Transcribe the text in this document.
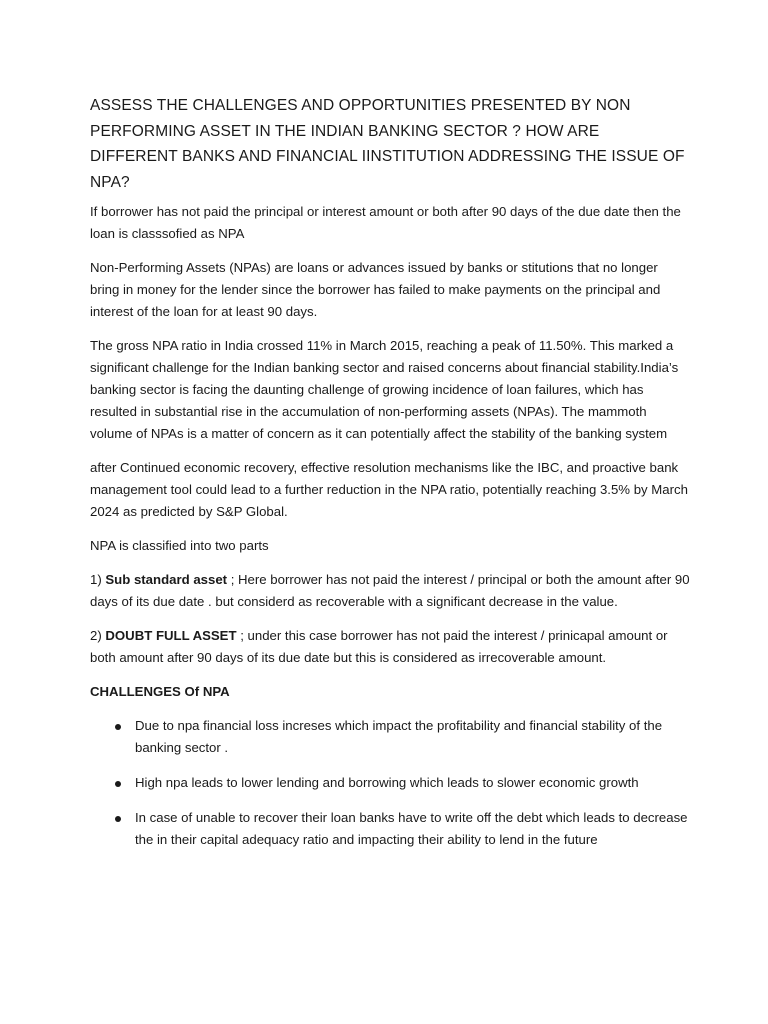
ASSESS THE CHALLENGES AND OPPORTUNITIES PRESENTED BY NON PERFORMING ASSET IN THE INDIAN BANKING SECTOR ? HOW ARE DIFFERENT BANKS AND FINANCIAL IINSTITUTION ADDRESSING THE ISSUE OF NPA?

If borrower has not paid the principal or interest amount or both after 90 days of the due date then the loan is classsofied as NPA

Non-Performing Assets (NPAs) are loans or advances issued by banks or stitutions that no longer bring in money for the lender since the borrower has failed to make payments on the principal and interest of the loan for at least 90 days.

The gross NPA ratio in India crossed 11% in March 2015, reaching a peak of 11.50%. This marked a significant challenge for the Indian banking sector and raised concerns about financial stability.India’s banking sector is facing the daunting challenge of growing incidence of loan failures, which has resulted in substantial rise in the accumulation of non-performing assets (NPAs). The mammoth volume of NPAs is a matter of concern as it can potentially affect the stability of the banking system

after Continued economic recovery, effective resolution mechanisms like the IBC, and proactive bank management tool could lead to a further reduction in the NPA ratio, potentially reaching 3.5% by March 2024 as predicted by S&P Global.

NPA is classified into two parts

1) Sub standard asset ; Here borrower has not paid the interest / principal or both the amount after 90 days of its due date . but considerd as recoverable with a significant decrease in the value.

2) DOUBT FULL ASSET ; under this case borrower has not paid the interest / prinicapal amount or both amount after 90 days of its due date but this is considered as irrecoverable amount.

CHALLENGES Of NPA

Due to npa financial loss increses which impact the profitability and financial stability of the banking sector .
High npa leads to lower lending and borrowing which leads to slower economic growth
In case of unable to recover their loan banks have to write off the debt which leads to decrease the in their capital adequacy ratio and impacting their ability to lend in the future
